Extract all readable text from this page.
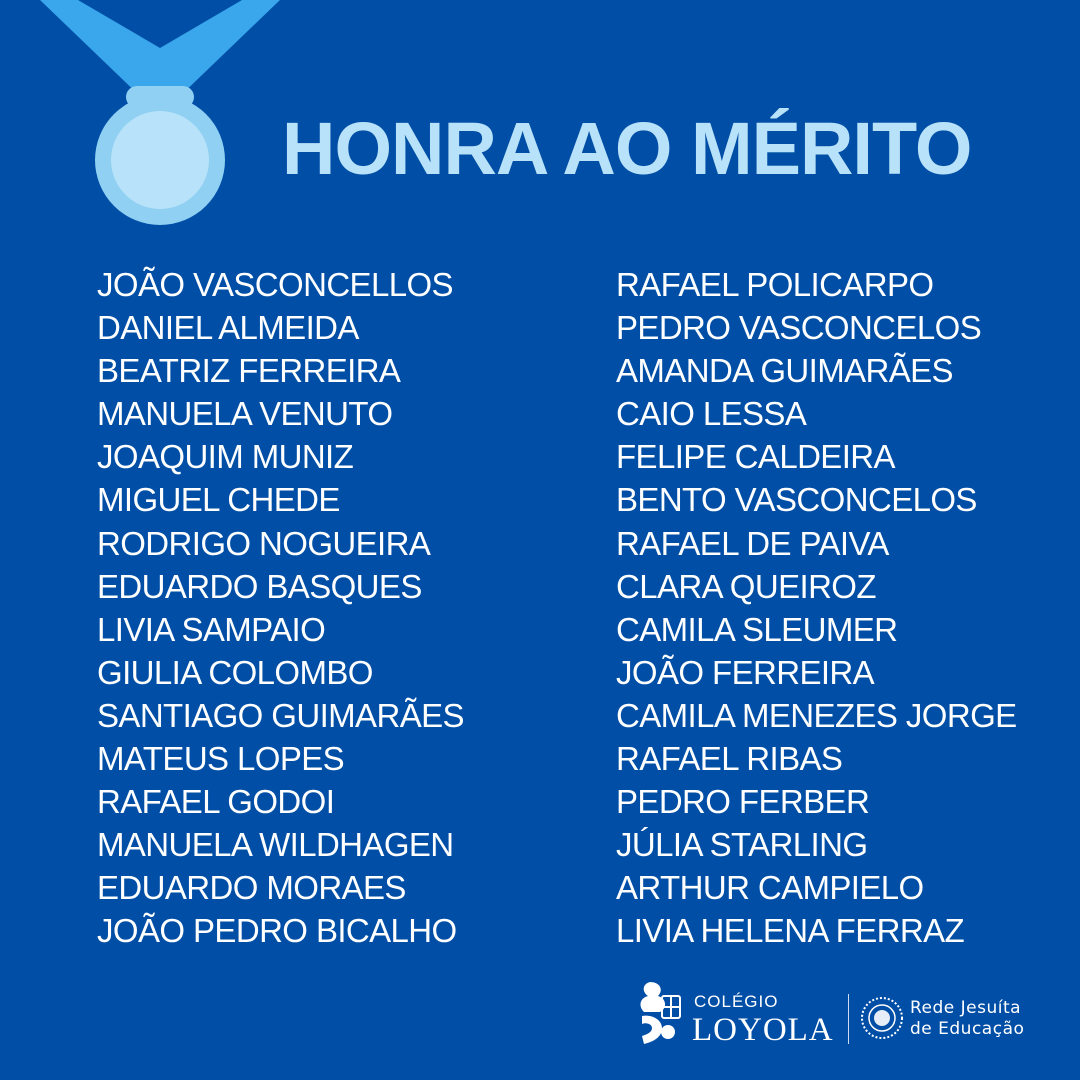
HONRA AO MÉRITO
JOÃO VASCONCELLOS
DANIEL ALMEIDA
BEATRIZ FERREIRA
MANUELA VENUTO
JOAQUIM MUNIZ
MIGUEL CHEDE
RODRIGO NOGUEIRA
EDUARDO BASQUES
LIVIA SAMPAIO
GIULIA COLOMBO
SANTIAGO GUIMARÃES
MATEUS LOPES
RAFAEL GODOI
MANUELA WILDHAGEN
EDUARDO MORAES
JOÃO PEDRO BICALHO
RAFAEL POLICARPO
PEDRO VASCONCELOS
AMANDA GUIMARÃES
CAIO LESSA
FELIPE CALDEIRA
BENTO VASCONCELOS
RAFAEL DE PAIVA
CLARA QUEIROZ
CAMILA SLEUMER
JOÃO FERREIRA
CAMILA MENEZES JORGE
RAFAEL RIBAS
PEDRO FERBER
JÚLIA STARLING
ARTHUR CAMPIELO
LIVIA HELENA FERRAZ
COLÉGIO
LOYOLA
Rede Jesuíta
de Educação
